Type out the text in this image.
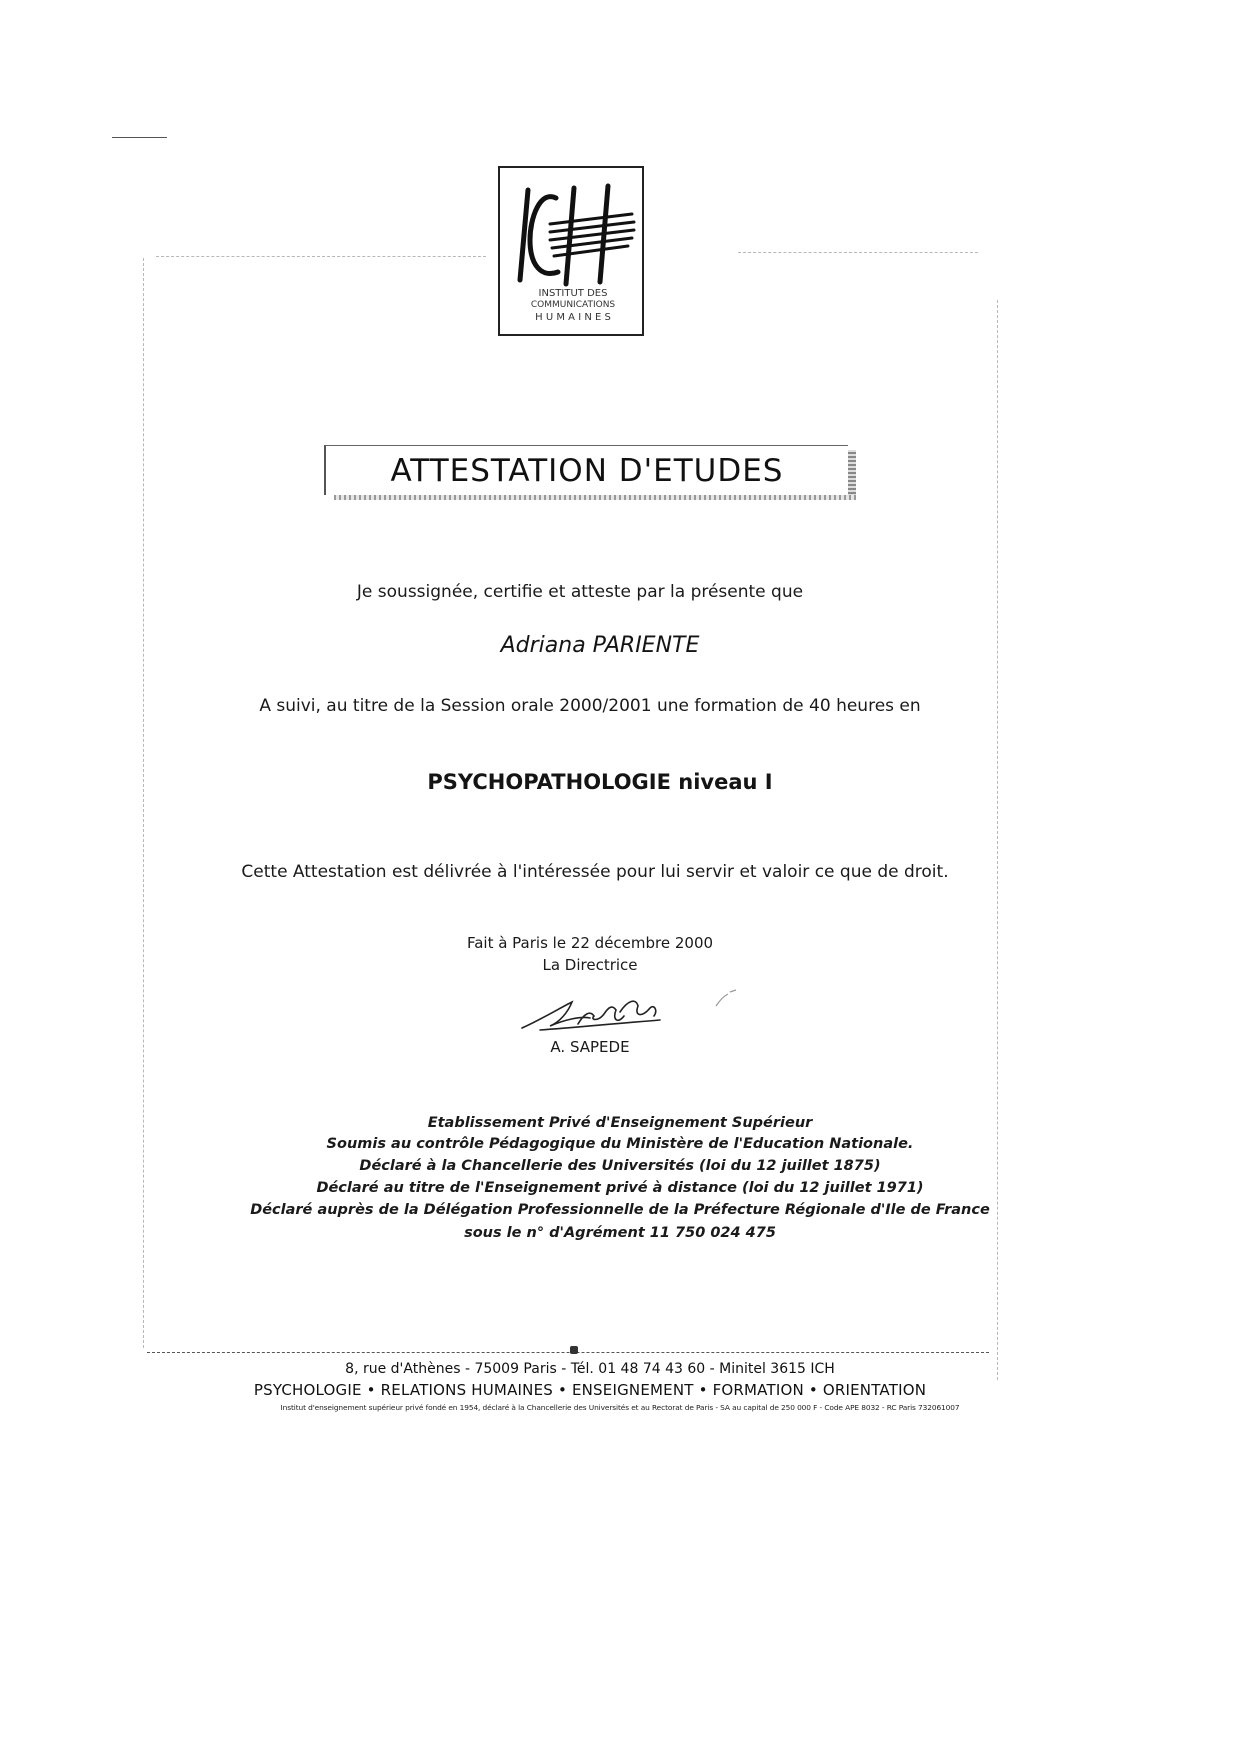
INSTITUT DES
COMMUNICATIONS
H U M A I N E S
ATTESTATION D'ETUDES
Je soussignée, certifie et atteste par la présente que
Adriana PARIENTE
A suivi, au titre de la Session orale 2000/2001 une formation de 40 heures en
PSYCHOPATHOLOGIE niveau I
Cette Attestation est délivrée à l'intéressée pour lui servir et valoir ce que de droit.
Fait à Paris le 22 décembre 2000
La Directrice
A. SAPEDE
Etablissement Privé d'Enseignement Supérieur
Soumis au contrôle Pédagogique du Ministère de l'Education Nationale.
Déclaré à la Chancellerie des Universités (loi du 12 juillet 1875)
Déclaré au titre de l'Enseignement privé à distance (loi du 12 juillet 1971)
Déclaré auprès de la Délégation Professionnelle de la Préfecture Régionale d'Ile de France
sous le n° d'Agrément 11 750 024 475
8, rue d'Athènes - 75009 Paris - Tél. 01 48 74 43 60 - Minitel 3615 ICH
PSYCHOLOGIE • RELATIONS HUMAINES • ENSEIGNEMENT • FORMATION • ORIENTATION
Institut d'enseignement supérieur privé fondé en 1954, déclaré à la Chancellerie des Universités et au Rectorat de Paris - SA au capital de 250 000 F - Code APE 8032 - RC Paris 732061007
